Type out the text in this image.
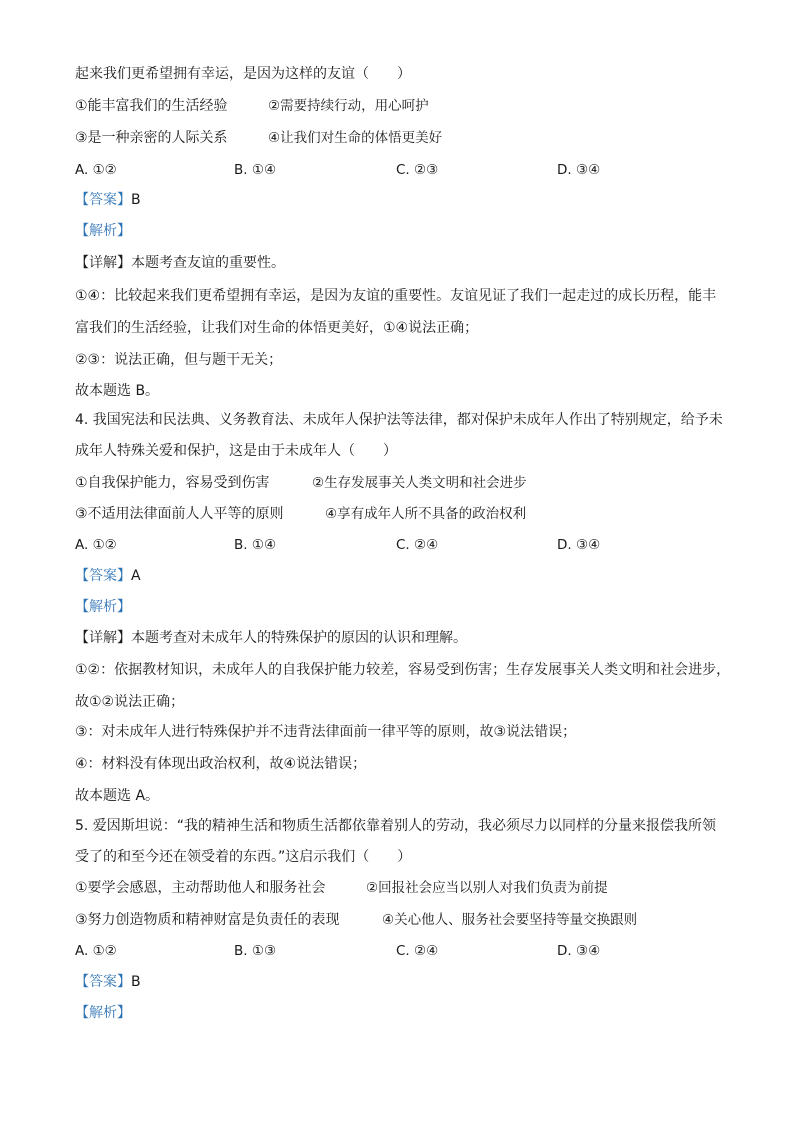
起来我们更希望拥有幸运，是因为这样的友谊（　　）
①能丰富我们的生活经验	②需要持续行动，用心呵护
③是一种亲密的人际关系	④让我们对生命的体悟更美好
A. ①②	B. ①④	C. ②③	D. ③④
【答案】B
【解析】
【详解】本题考查友谊的重要性。
①④：比较起来我们更希望拥有幸运，是因为友谊的重要性。友谊见证了我们一起走过的成长历程，能丰
富我们的生活经验，让我们对生命的体悟更美好，①④说法正确；
②③：说法正确，但与题干无关；
故本题选 B。
4. 我国宪法和民法典、义务教育法、未成年人保护法等法律，都对保护未成年人作出了特别规定，给予未
成年人特殊关爱和保护，这是由于未成年人（　　）
①自我保护能力，容易受到伤害	②生存发展事关人类文明和社会进步
③不适用法律面前人人平等的原则	④享有成年人所不具备的政治权利
A. ①②	B. ①④	C. ②④	D. ③④
【答案】A
【解析】
【详解】本题考查对未成年人的特殊保护的原因的认识和理解。
①②：依据教材知识，未成年人的自我保护能力较差，容易受到伤害；生存发展事关人类文明和社会进步，
故①②说法正确；
③：对未成年人进行特殊保护并不违背法律面前一律平等的原则，故③说法错误；
④：材料没有体现出政治权利，故④说法错误；
故本题选 A。
5. 爱因斯坦说：“我的精神生活和物质生活都依靠着别人的劳动，我必须尽力以同样的分量来报偿我所领
受了的和至今还在领受着的东西。”这启示我们（　　）
①要学会感恩，主动帮助他人和服务社会	②回报社会应当以别人对我们负责为前提
③努力创造物质和精神财富是负责任的表现	④关心他人、服务社会要坚持等量交换跟则
A. ①②	B. ①③	C. ②④	D. ③④
【答案】B
【解析】
